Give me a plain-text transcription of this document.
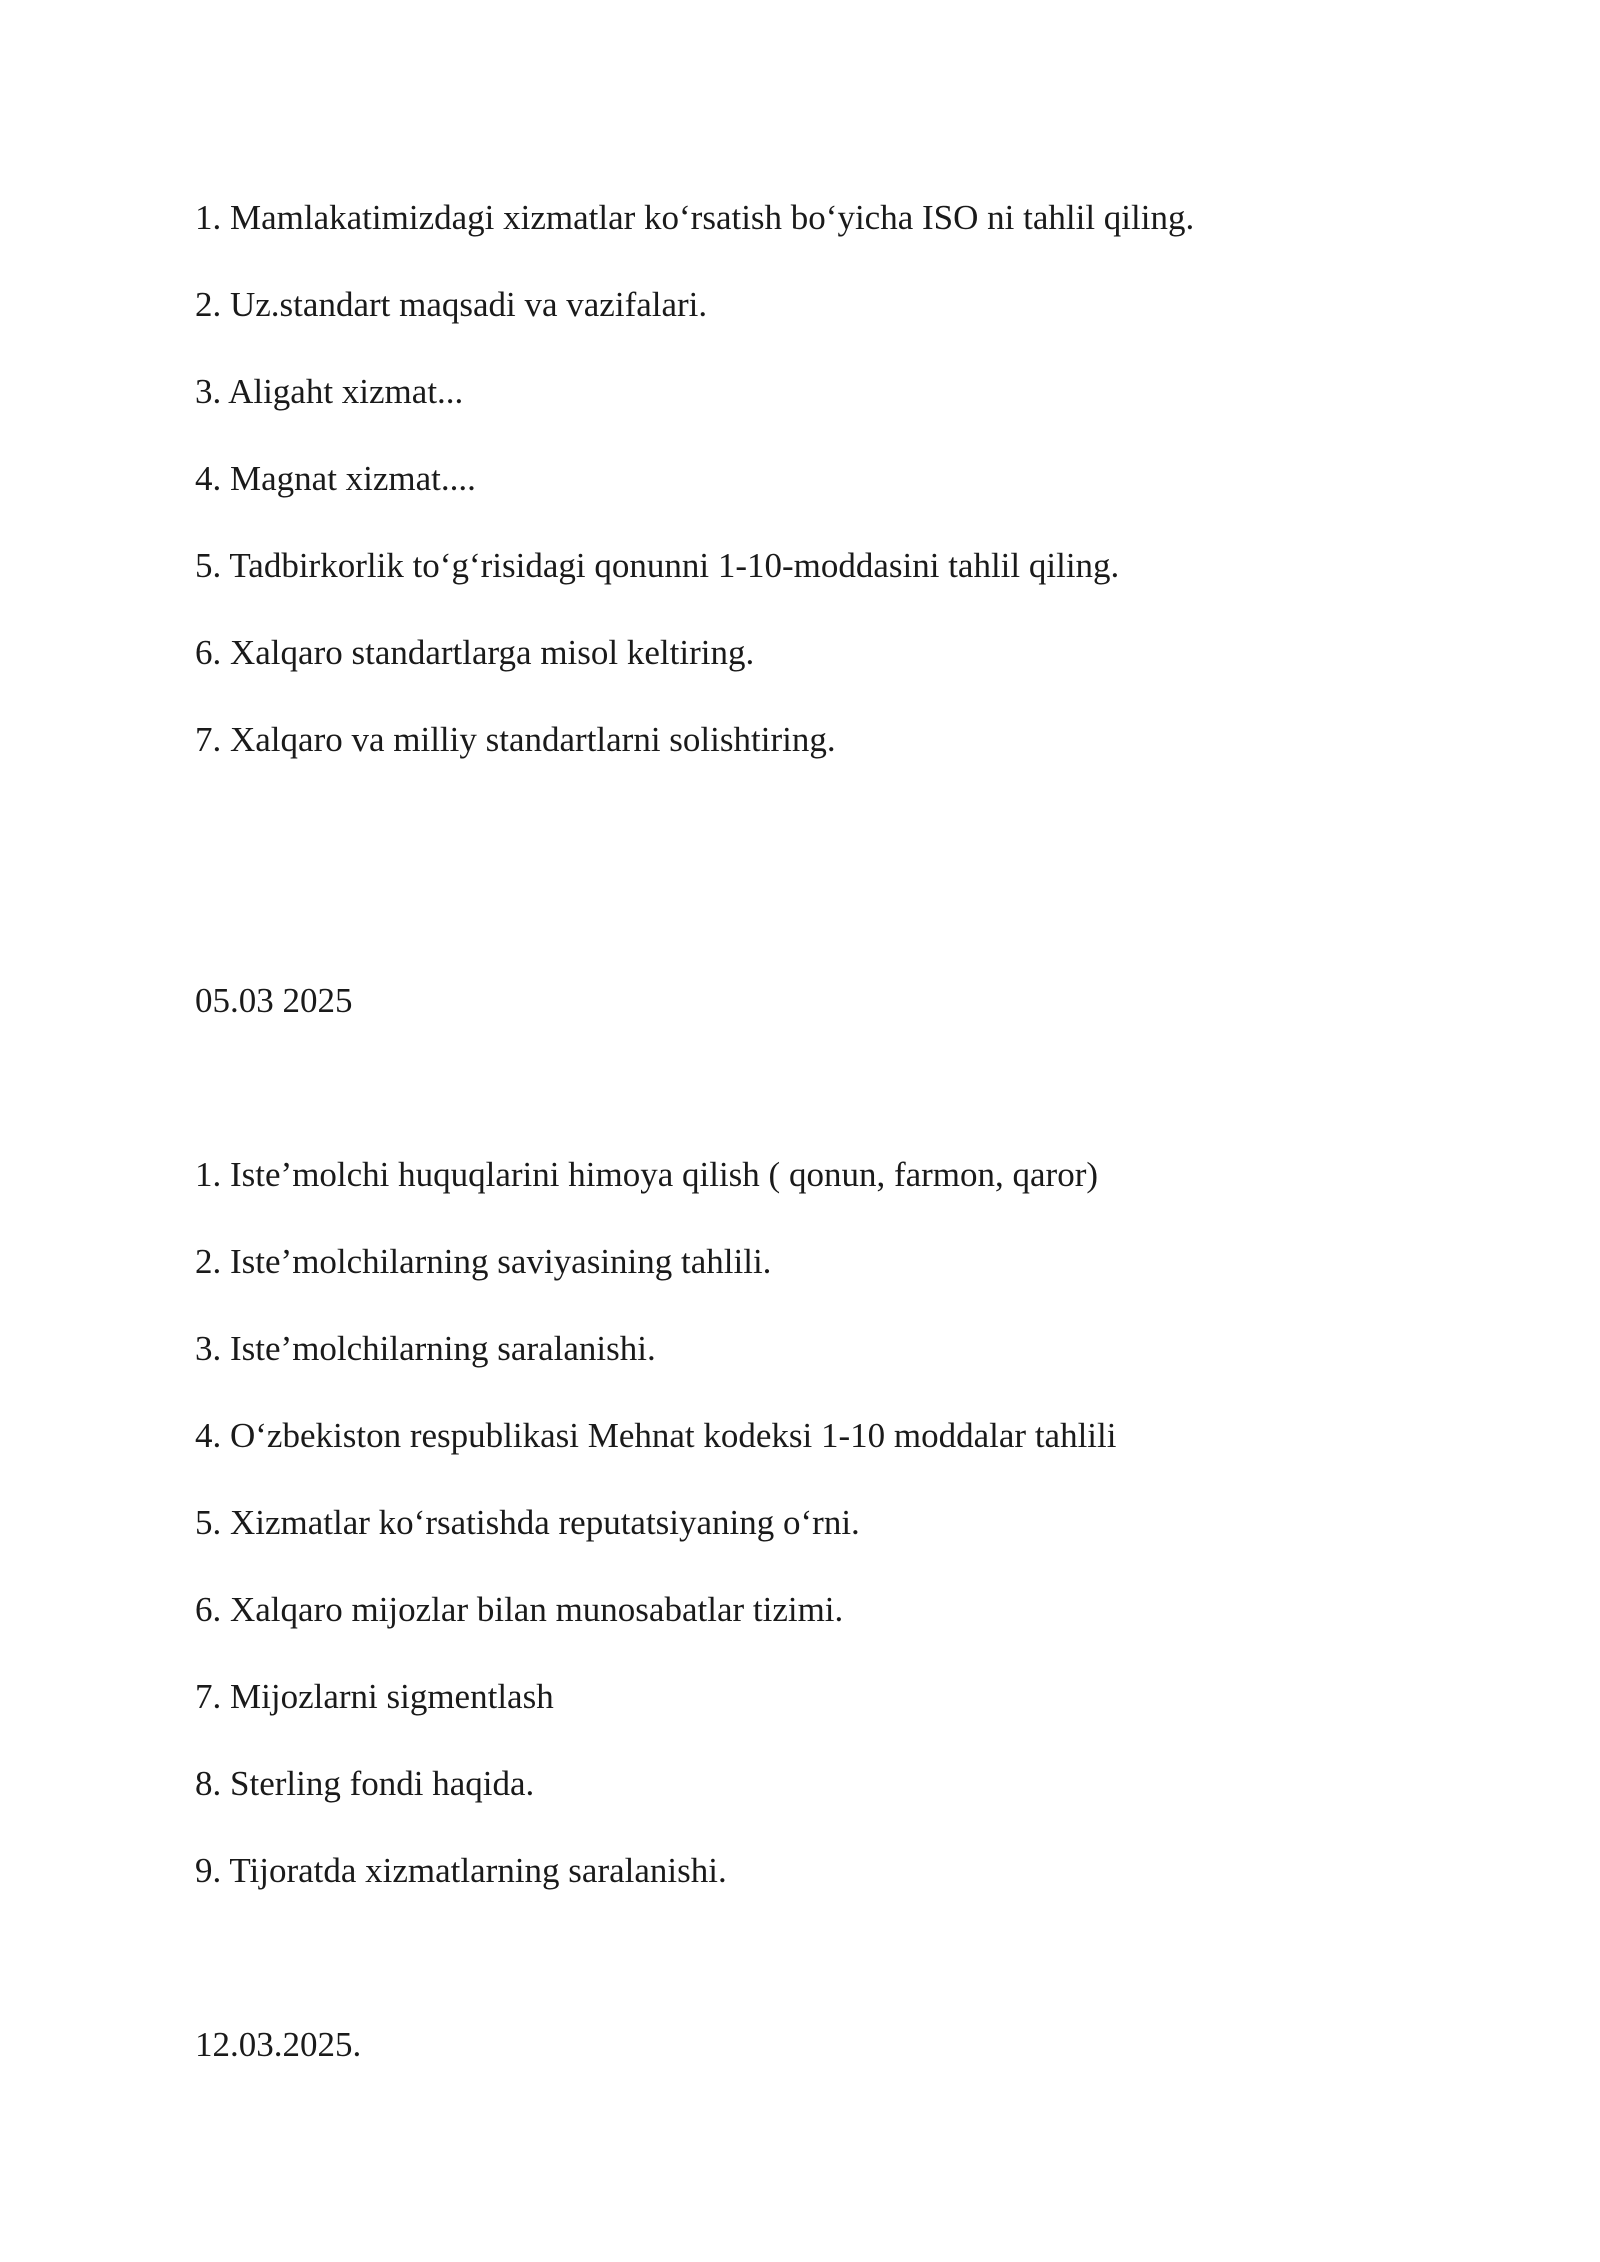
1. Mamlakatimizdagi xizmatlar ko‘rsatish bo‘yicha ISO ni tahlil qiling.

2. Uz.standart maqsadi va vazifalari.

3. Aligaht xizmat...

4. Magnat xizmat....

5. Tadbirkorlik to‘g‘risidagi qonunni 1-10-moddasini tahlil qiling.

6. Xalqaro standartlarga misol keltiring.

7. Xalqaro va milliy standartlarni solishtiring.

05.03 2025

1. Iste’molchi huquqlarini himoya qilish ( qonun, farmon, qaror)

2. Iste’molchilarning saviyasining tahlili.

3. Iste’molchilarning saralanishi.

4. O‘zbekiston respublikasi Mehnat kodeksi 1-10 moddalar tahlili

5. Xizmatlar ko‘rsatishda reputatsiyaning o‘rni.

6. Xalqaro mijozlar bilan munosabatlar tizimi.

7. Mijozlarni sigmentlash

8. Sterling fondi haqida.

9. Tijoratda xizmatlarning saralanishi.

12.03.2025.
